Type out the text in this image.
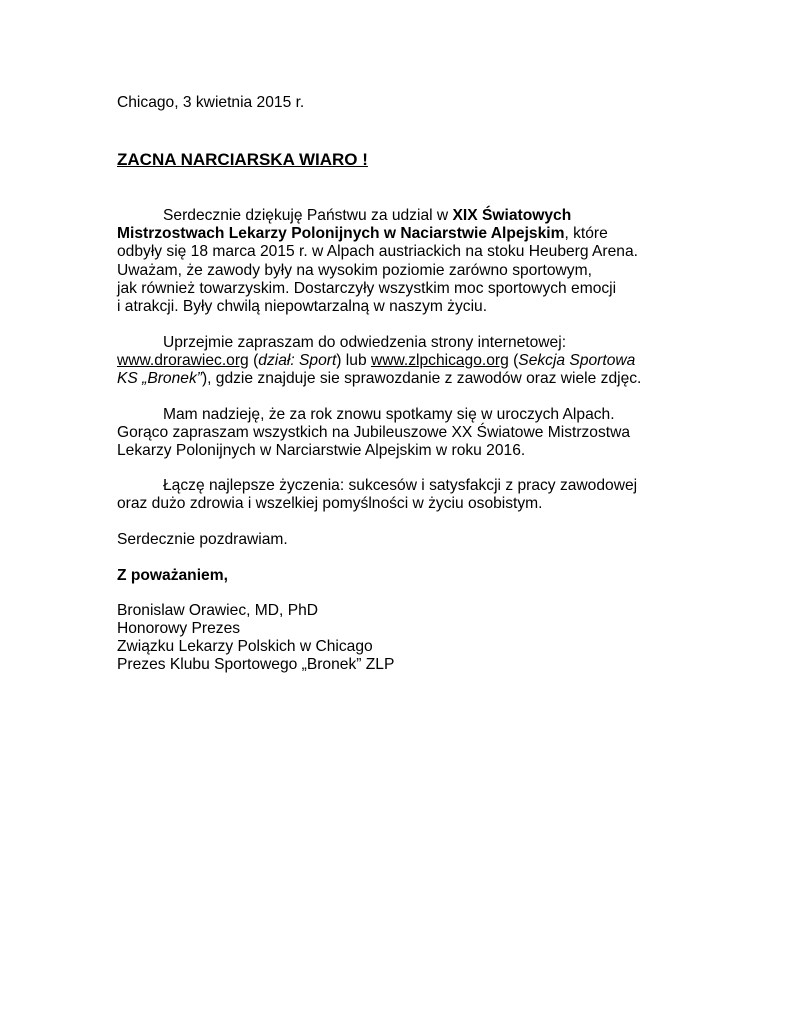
Chicago, 3 kwietnia 2015 r.
ZACNA NARCIARSKA WIARO !
Serdecznie dziękuję Państwu za udzial w XIX Światowych
Mistrzostwach Lekarzy Polonijnych w Naciarstwie Alpejskim, które
odbyły się 18 marca 2015 r. w Alpach austriackich na stoku Heuberg Arena.
Uważam, że zawody były na wysokim poziomie zarówno sportowym,
jak również towarzyskim. Dostarczyły wszystkim moc sportowych emocji
i atrakcji. Były chwilą niepowtarzalną w naszym życiu.
Uprzejmie zapraszam do odwiedzenia strony internetowej:
www.drorawiec.org (dział: Sport) lub www.zlpchicago.org (Sekcja Sportowa
KS „Bronek”), gdzie znajduje sie sprawozdanie z zawodów oraz wiele zdjęc.
Mam nadzieję, że za rok znowu spotkamy się w uroczych Alpach.
Gorąco zapraszam wszystkich na Jubileuszowe XX Światowe Mistrzostwa
Lekarzy Polonijnych w Narciarstwie Alpejskim w roku 2016.
Łączę najlepsze życzenia: sukcesów i satysfakcji z pracy zawodowej
oraz dużo zdrowia i wszelkiej pomyślności w życiu osobistym.
Serdecznie pozdrawiam.
Z poważaniem,
Bronislaw Orawiec, MD, PhD
Honorowy Prezes
Związku Lekarzy Polskich w Chicago
Prezes Klubu Sportowego „Bronek” ZLP
